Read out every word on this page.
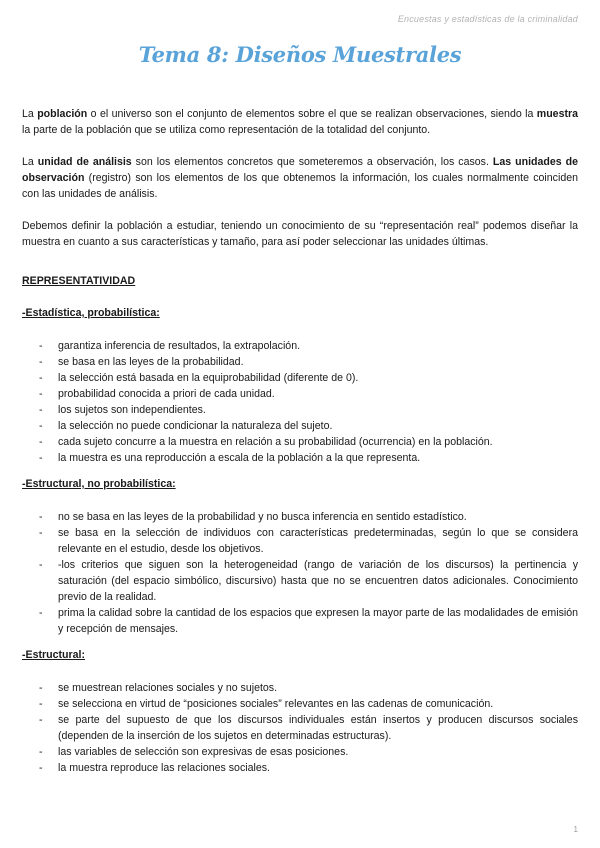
Encuestas y estadísticas de la criminalidad
Tema 8: Diseños Muestrales

La población o el universo son el conjunto de elementos sobre el que se realizan observaciones, siendo la muestra la parte de la población que se utiliza como representación de la totalidad del conjunto.

La unidad de análisis son los elementos concretos que someteremos a observación, los casos. Las unidades de observación (registro) son los elementos de los que obtenemos la información, los cuales normalmente coinciden con las unidades de análisis.

Debemos definir la población a estudiar, teniendo un conocimiento de su “representación real” podemos diseñar la muestra en cuanto a sus características y tamaño, para así poder seleccionar las unidades últimas.

REPRESENTATIVIDAD
-Estadística, probabilística:
- garantiza inferencia de resultados, la extrapolación.
- se basa en las leyes de la probabilidad.
- la selección está basada en la equiprobabilidad (diferente de 0).
- probabilidad conocida a priori de cada unidad.
- los sujetos son independientes.
- la selección no puede condicionar la naturaleza del sujeto.
- cada sujeto concurre a la muestra en relación a su probabilidad (ocurrencia) en la población.
- la muestra es una reproducción a escala de la población a la que representa.
-Estructural, no probabilística:
- no se basa en las leyes de la probabilidad y no busca inferencia en sentido estadístico.
- se basa en la selección de individuos con características predeterminadas, según lo que se considera relevante en el estudio, desde los objetivos.
- -los criterios que siguen son la heterogeneidad (rango de variación de los discursos) la pertinencia y saturación (del espacio simbólico, discursivo) hasta que no se encuentren datos adicionales. Conocimiento previo de la realidad.
- prima la calidad sobre la cantidad de los espacios que expresen la mayor parte de las modalidades de emisión y recepción de mensajes.
-Estructural:
- se muestrean relaciones sociales y no sujetos.
- se selecciona en virtud de “posiciones sociales” relevantes en las cadenas de comunicación.
- se parte del supuesto de que los discursos individuales están insertos y producen discursos sociales (dependen de la inserción de los sujetos en determinadas estructuras).
- las variables de selección son expresivas de esas posiciones.
- la muestra reproduce las relaciones sociales.
1
